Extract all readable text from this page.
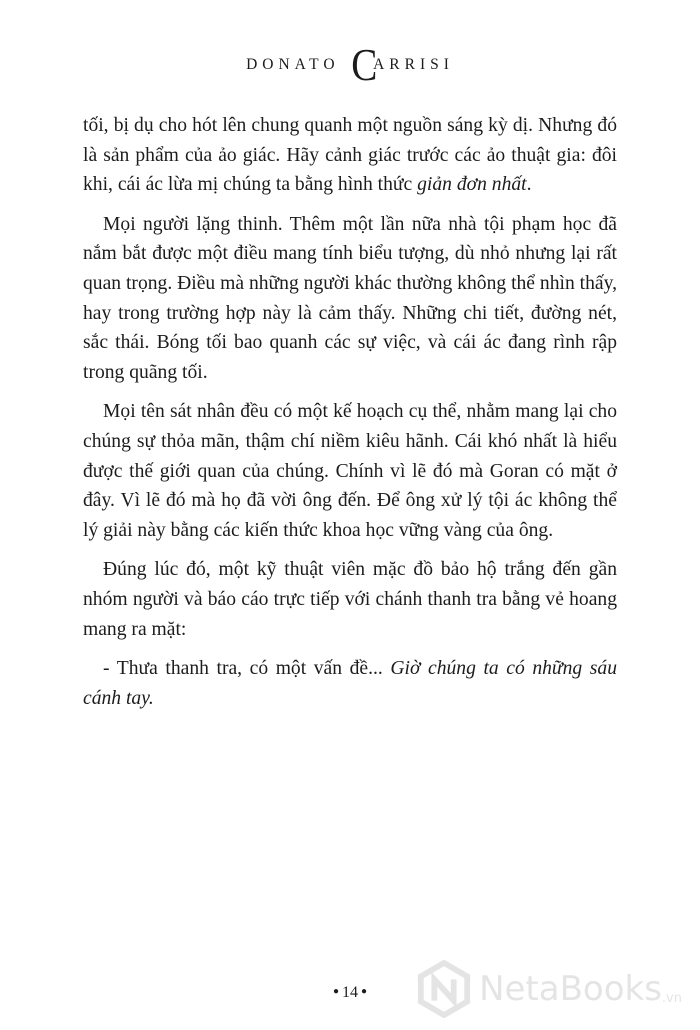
DONATO CARRISI

tối, bị dụ cho hót lên chung quanh một nguồn sáng kỳ dị. Nhưng đó là sản phẩm của ảo giác. Hãy cảnh giác trước các ảo thuật gia: đôi khi, cái ác lừa mị chúng ta bằng hình thức giản đơn nhất.

Mọi người lặng thinh. Thêm một lần nữa nhà tội phạm học đã nắm bắt được một điều mang tính biểu tượng, dù nhỏ nhưng lại rất quan trọng. Điều mà những người khác thường không thể nhìn thấy, hay trong trường hợp này là cảm thấy. Những chi tiết, đường nét, sắc thái. Bóng tối bao quanh các sự việc, và cái ác đang rình rập trong quãng tối.

Mọi tên sát nhân đều có một kế hoạch cụ thể, nhằm mang lại cho chúng sự thỏa mãn, thậm chí niềm kiêu hãnh. Cái khó nhất là hiểu được thế giới quan của chúng. Chính vì lẽ đó mà Goran có mặt ở đây. Vì lẽ đó mà họ đã vời ông đến. Để ông xử lý tội ác không thể lý giải này bằng các kiến thức khoa học vững vàng của ông.

Đúng lúc đó, một kỹ thuật viên mặc đồ bảo hộ trắng đến gần nhóm người và báo cáo trực tiếp với chánh thanh tra bằng vẻ hoang mang ra mặt:

- Thưa thanh tra, có một vấn đề... Giờ chúng ta có những sáu cánh tay.

● 14 ●	NetaBooks .vn
